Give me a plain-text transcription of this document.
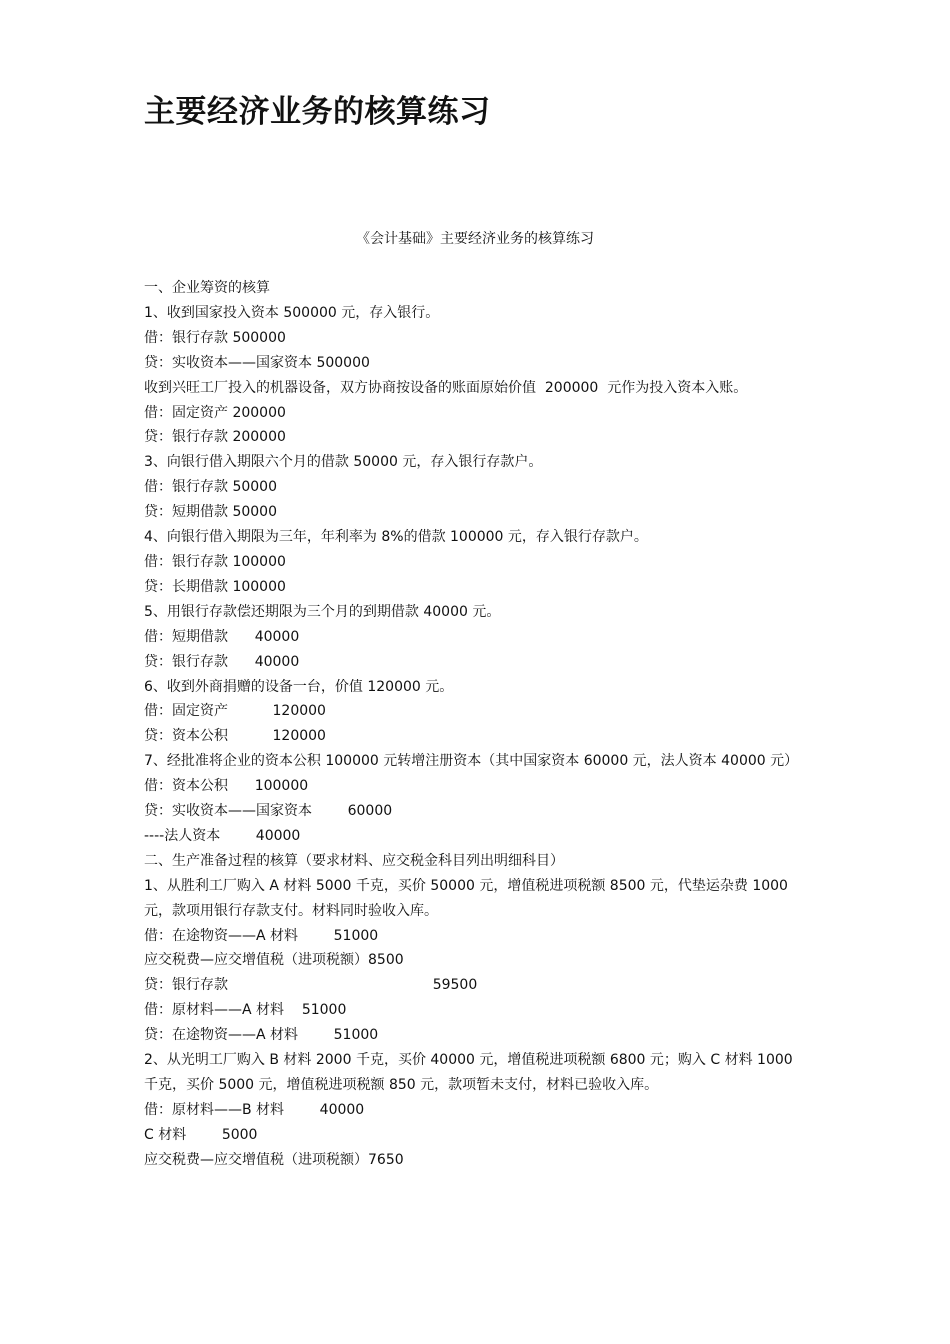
主要经济业务的核算练习
《会计基础》主要经济业务的核算练习
一、企业筹资的核算
1、收到国家投入资本 500000 元，存入银行。
借：银行存款 500000
贷：实收资本——国家资本 500000
收到兴旺工厂投入的机器设备，双方协商按设备的账面原始价值  200000  元作为投入资本入账。
借：固定资产 200000
贷：银行存款 200000
3、向银行借入期限六个月的借款 50000 元，存入银行存款户。
借：银行存款 50000
贷：短期借款 50000
4、向银行借入期限为三年，年利率为 8%的借款 100000 元，存入银行存款户。
借：银行存款 100000
贷：长期借款 100000
5、用银行存款偿还期限为三个月的到期借款 40000 元。
借：短期借款      40000
贷：银行存款      40000
6、收到外商捐赠的设备一台，价值 120000 元。
借：固定资产          120000
贷：资本公积          120000
7、经批准将企业的资本公积 100000 元转增注册资本（其中国家资本 60000 元，法人资本 40000 元）
借：资本公积      100000
贷：实收资本——国家资本        60000
----法人资本        40000
二、生产准备过程的核算（要求材料、应交税金科目列出明细科目）
1、从胜利工厂购入 A 材料 5000 千克，买价 50000 元，增值税进项税额 8500 元，代垫运杂费 1000 元，款项用银行存款支付。材料同时验收入库。
借：在途物资——A 材料        51000
应交税费—应交增值税（进项税额）8500
贷：银行存款                                              59500
借：原材料——A 材料    51000
贷：在途物资——A 材料        51000
2、从光明工厂购入 B 材料 2000 千克，买价 40000 元，增值税进项税额 6800 元；购入 C 材料 1000 千克，买价 5000 元，增值税进项税额 850 元，款项暂未支付，材料已验收入库。
借：原材料——B 材料        40000
C 材料        5000
应交税费—应交增值税（进项税额）7650
